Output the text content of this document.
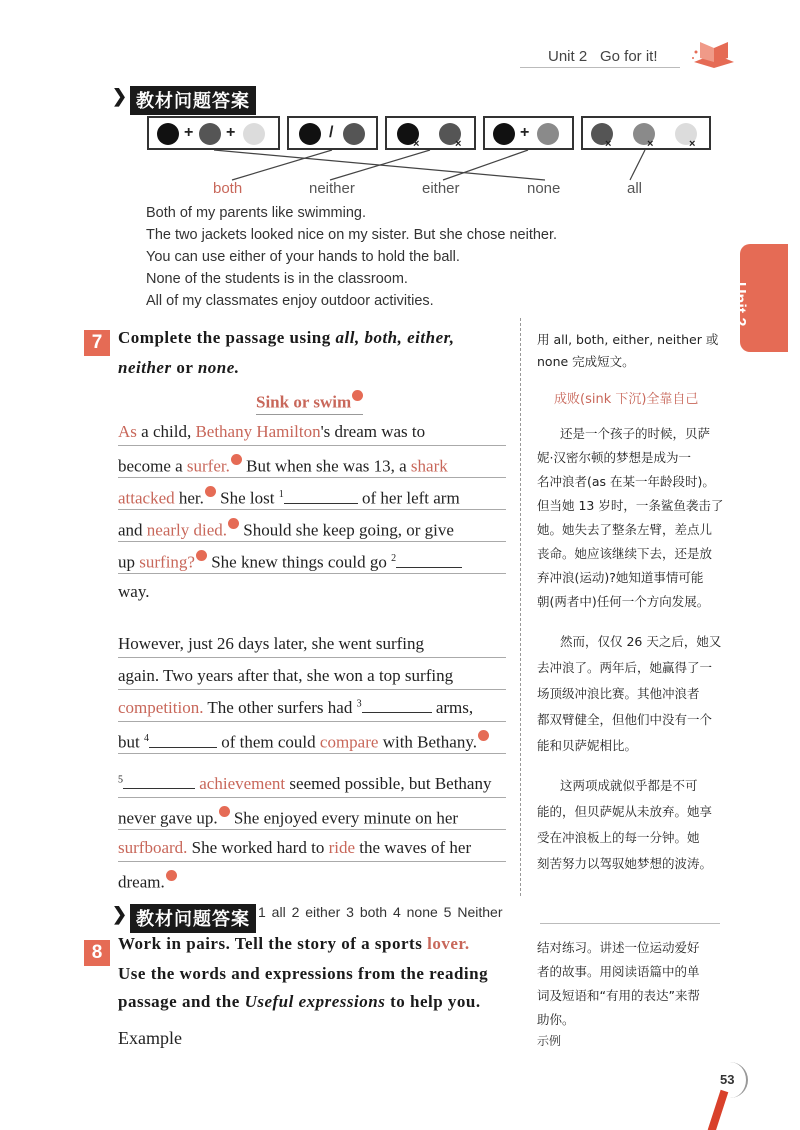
Unit 2 Go for it!
Unit 2
❯ 教材问题答案
+ +	/
×	×
+
×	×	×
both	neither	either	none	all
Both of my parents like swimming.
The two jackets looked nice on my sister. But she chose neither.
You can use either of your hands to hold the ball.
None of the students is in the classroom.
All of my classmates enjoy outdoor activities.
7 Complete the passage using all, both, either,
neither or none.
用 all, both, either, neither 或
none 完成短文。
成败(sink 下沉)全靠自己
Sink or swim
As a child, Bethany Hamilton's dream was to
become a surfer. But when she was 13, a shark
attacked her. She lost $^1$	of her left arm
and nearly died. Should she keep going, or give
up surfing? She knew things could go $^2$
way.
However, just 26 days later, she went surfing
again. Two years after that, she won a top surfing
competition. The other surfers had $^3$	arms,
but $^4$	of them could compare with Bethany.
$^5$	achievement seemed possible, but Bethany
never gave up. She enjoyed every minute on her
surfboard. She worked hard to ride the waves of her
dream.
还是一个孩子的时候，贝萨
妮·汉密尔顿的梦想是成为一
名冲浪者(as 在某一年龄段时)。
但当她 13 岁时，一条鲨鱼袭击了
她。她失去了整条左臂，差点儿
丧命。她应该继续下去，还是放
弃冲浪(运动)?她知道事情可能
朝(两者中)任何一个方向发展。
然而，仅仅 26 天之后，她又
去冲浪了。两年后，她赢得了一
场顶级冲浪比赛。其他冲浪者
都双臂健全，但他们中没有一个
能和贝萨妮相比。
这两项成就似乎都是不可
能的，但贝萨妮从未放弃。她享
受在冲浪板上的每一分钟。她
刻苦努力以驾驭她梦想的波涛。
❯ 教材问题答案 1 all 2 either 3 both 4 none 5 Neither
8 Work in pairs. Tell the story of a sports lover.
Use the words and expressions from the reading
passage and the Useful expressions to help you.
结对练习。讲述一位运动爱好
者的故事。用阅读语篇中的单
词及短语和“有用的表达”来帮
助你。
Example	示例
53
